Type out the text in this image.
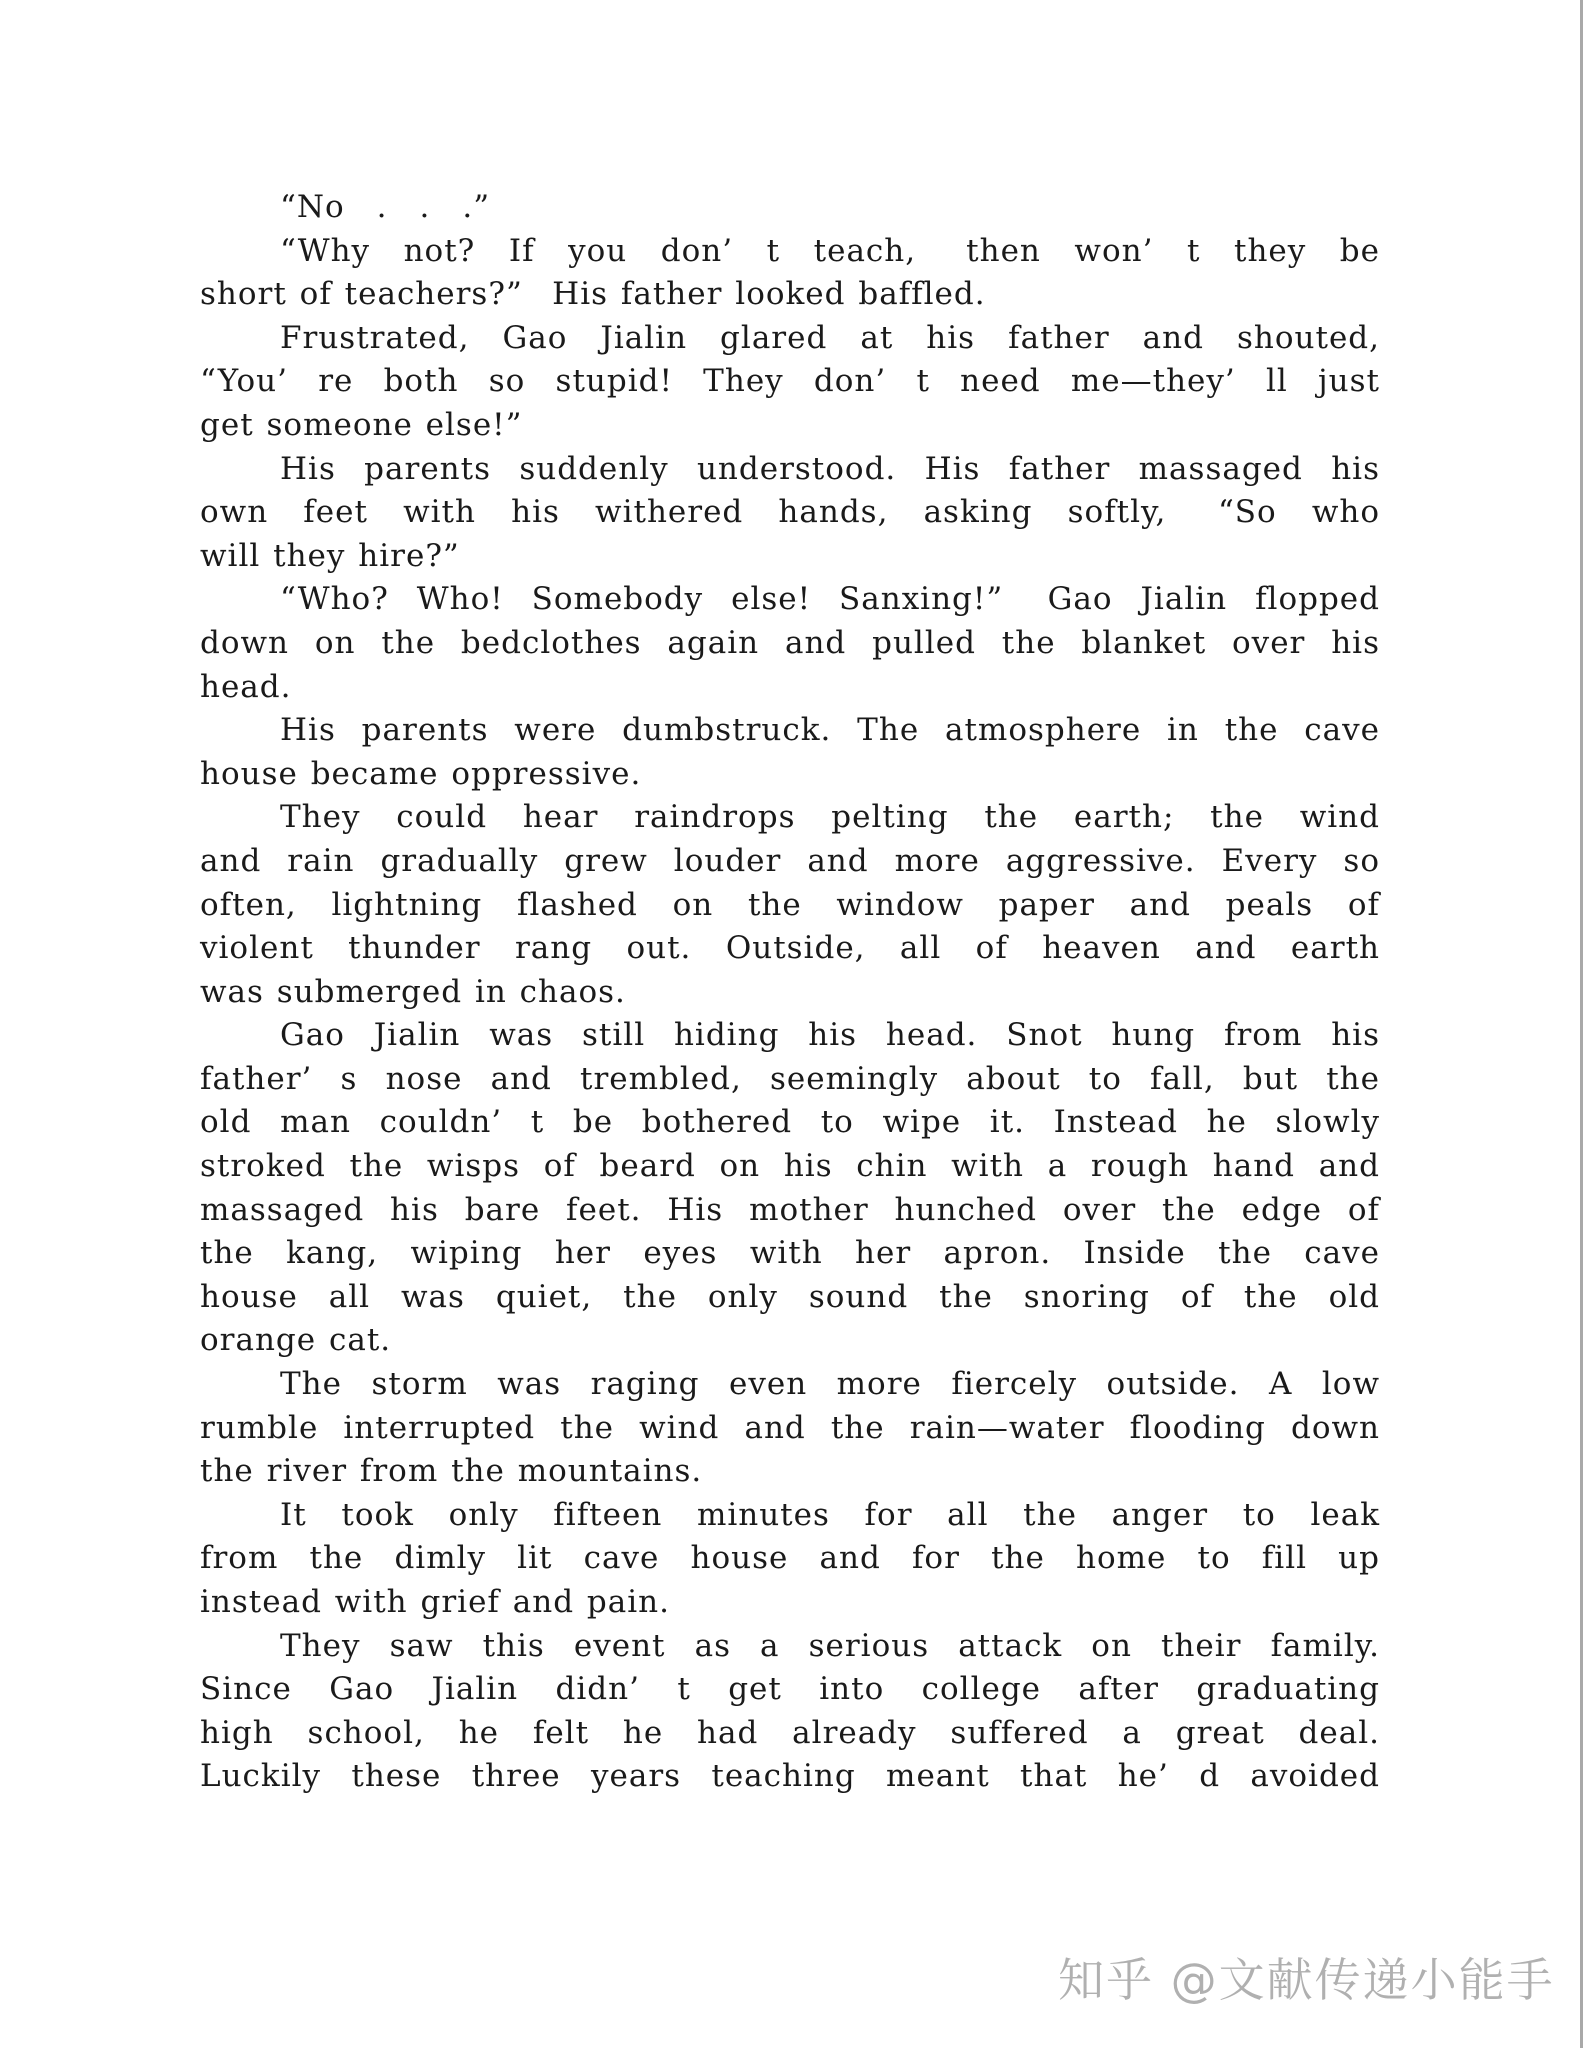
“No . . .”
“Why not? If you don’ t teach,  then won’ t they be
short of teachers?”  His father looked baffled.
Frustrated, Gao Jialin glared at his father and shouted,
“You’ re both so stupid! They don’ t need me—they’ ll just
get someone else!”
His parents suddenly understood. His father massaged his
own feet with his withered hands, asking softly,  “So who
will they hire?”
“Who? Who! Somebody else! Sanxing!”  Gao Jialin flopped
down on the bedclothes again and pulled the blanket over his
head.
His parents were dumbstruck. The atmosphere in the cave
house became oppressive.
They could hear raindrops pelting the earth; the wind
and rain gradually grew louder and more aggressive. Every so
often, lightning flashed on the window paper and peals of
violent thunder rang out. Outside, all of heaven and earth
was submerged in chaos.
Gao Jialin was still hiding his head. Snot hung from his
father’ s nose and trembled, seemingly about to fall, but the
old man couldn’ t be bothered to wipe it. Instead he slowly
stroked the wisps of beard on his chin with a rough hand and
massaged his bare feet. His mother hunched over the edge of
the kang, wiping her eyes with her apron. Inside the cave
house all was quiet, the only sound the snoring of the old
orange cat.
The storm was raging even more fiercely outside. A low
rumble interrupted the wind and the rain—water flooding down
the river from the mountains.
It took only fifteen minutes for all the anger to leak
from the dimly lit cave house and for the home to fill up
instead with grief and pain.
They saw this event as a serious attack on their family.
Since Gao Jialin didn’ t get into college after graduating
high school, he felt he had already suffered a great deal.
Luckily these three years teaching meant that he’ d avoided
知乎 @文献传递小能手
